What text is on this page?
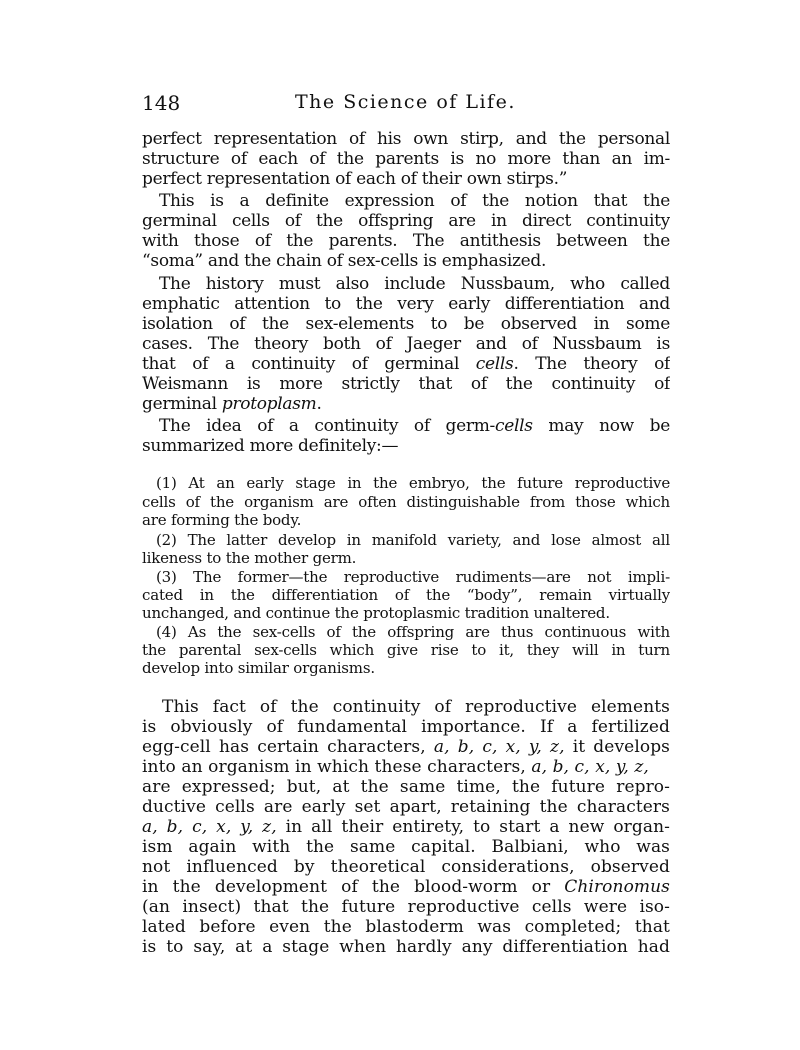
148	The Science of Life.
perfect representation of his own stirp, and the personal
structure of each of the parents is no more than an im-
perfect representation of each of their own stirps.”
This is a definite expression of the notion that the
germinal cells of the offspring are in direct continuity
with those of the parents. The antithesis between the
“soma” and the chain of sex-cells is emphasized.
The history must also include Nussbaum, who called
emphatic attention to the very early differentiation and
isolation of the sex-elements to be observed in some
cases. The theory both of Jaeger and of Nussbaum is
that of a continuity of germinal cells. The theory of
Weismann is more strictly that of the continuity of
germinal protoplasm.
The idea of a continuity of germ-cells may now be
summarized more definitely:—
(1) At an early stage in the embryo, the future reproductive
cells of the organism are often distinguishable from those which
are forming the body.
(2) The latter develop in manifold variety, and lose almost all
likeness to the mother germ.
(3) The former—the reproductive rudiments—are not impli-
cated in the differentiation of the “body”, remain virtually
unchanged, and continue the protoplasmic tradition unaltered.
(4) As the sex-cells of the offspring are thus continuous with
the parental sex-cells which give rise to it, they will in turn
develop into similar organisms.
This fact of the continuity of reproductive elements
is obviously of fundamental importance. If a fertilized
egg-cell has certain characters, a, b, c, x, y, z, it develops
into an organism in which these characters, a, b, c, x, y, z,
are expressed; but, at the same time, the future repro-
ductive cells are early set apart, retaining the characters
a, b, c, x, y, z, in all their entirety, to start a new organ-
ism again with the same capital. Balbiani, who was
not influenced by theoretical considerations, observed
in the development of the blood-worm or Chironomus
(an insect) that the future reproductive cells were iso-
lated before even the blastoderm was completed; that
is to say, at a stage when hardly any differentiation had
